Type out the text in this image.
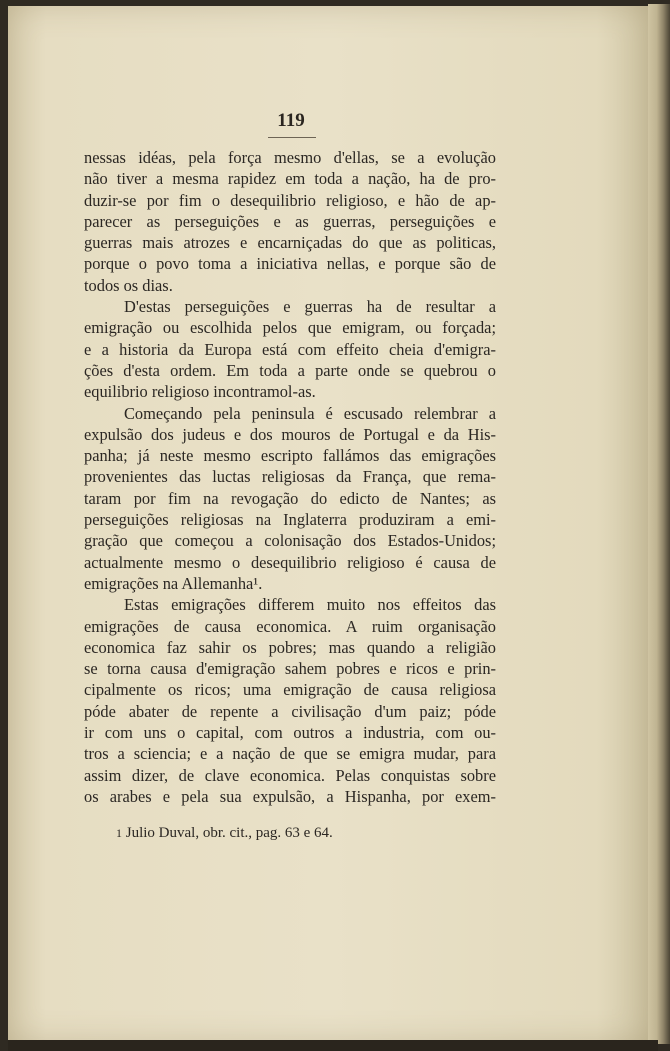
119
nessas idéas, pela força mesmo d'ellas, se a evolução
não tiver a mesma rapidez em toda a nação, ha de pro-
duzir-se por fim o desequilibrio religioso, e hão de ap-
parecer as perseguições e as guerras, perseguições e
guerras mais atrozes e encarniçadas do que as politicas,
porque o povo toma a iniciativa nellas, e porque são de
todos os dias.
D'estas perseguições e guerras ha de resultar a
emigração ou escolhida pelos que emigram, ou forçada;
e a historia da Europa está com effeito cheia d'emigra-
ções d'esta ordem. Em toda a parte onde se quebrou o
equilibrio religioso incontramol-as.
Começando pela peninsula é escusado relembrar a
expulsão dos judeus e dos mouros de Portugal e da His-
panha; já neste mesmo escripto fallámos das emigrações
provenientes das luctas religiosas da França, que rema-
taram por fim na revogação do edicto de Nantes; as
perseguições religiosas na Inglaterra produziram a emi-
gração que começou a colonisação dos Estados-Unidos;
actualmente mesmo o desequilibrio religioso é causa de
emigrações na Allemanha¹.
Estas emigrações differem muito nos effeitos das
emigrações de causa economica. A ruim organisação
economica faz sahir os pobres; mas quando a religião
se torna causa d'emigração sahem pobres e ricos e prin-
cipalmente os ricos; uma emigração de causa religiosa
póde abater de repente a civilisação d'um paiz; póde
ir com uns o capital, com outros a industria, com ou-
tros a sciencia; e a nação de que se emigra mudar, para
assim dizer, de clave economica. Pelas conquistas sobre
os arabes e pela sua expulsão, a Hispanha, por exem-
1 Julio Duval, obr. cit., pag. 63 e 64.
